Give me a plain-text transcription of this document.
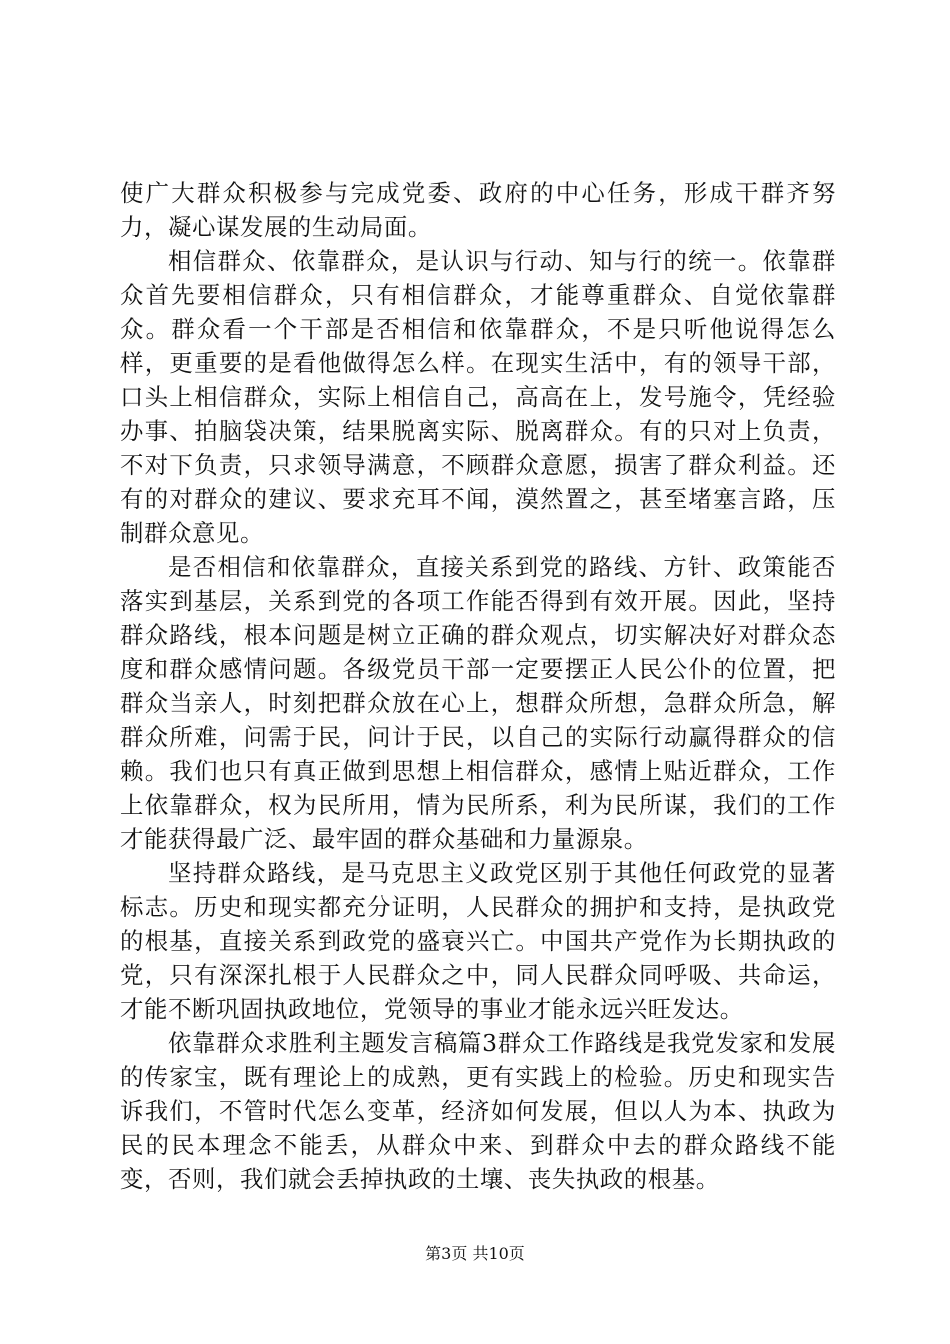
使广大群众积极参与完成党委、政府的中心任务，形成干群齐努力，凝心谋发展的生动局面。

相信群众、依靠群众，是认识与行动、知与行的统一。依靠群众首先要相信群众，只有相信群众，才能尊重群众、自觉依靠群众。群众看一个干部是否相信和依靠群众，不是只听他说得怎么样，更重要的是看他做得怎么样。在现实生活中，有的领导干部，口头上相信群众，实际上相信自己，高高在上，发号施令，凭经验办事、拍脑袋决策，结果脱离实际、脱离群众。有的只对上负责，不对下负责，只求领导满意，不顾群众意愿，损害了群众利益。还有的对群众的建议、要求充耳不闻，漠然置之，甚至堵塞言路，压制群众意见。

是否相信和依靠群众，直接关系到党的路线、方针、政策能否落实到基层，关系到党的各项工作能否得到有效开展。因此，坚持群众路线，根本问题是树立正确的群众观点，切实解决好对群众态度和群众感情问题。各级党员干部一定要摆正人民公仆的位置，把群众当亲人，时刻把群众放在心上，想群众所想，急群众所急，解群众所难，问需于民，问计于民，以自己的实际行动赢得群众的信赖。我们也只有真正做到思想上相信群众，感情上贴近群众，工作上依靠群众，权为民所用，情为民所系，利为民所谋，我们的工作才能获得最广泛、最牢固的群众基础和力量源泉。

坚持群众路线，是马克思主义政党区别于其他任何政党的显著标志。历史和现实都充分证明，人民群众的拥护和支持，是执政党的根基，直接关系到政党的盛衰兴亡。中国共产党作为长期执政的党，只有深深扎根于人民群众之中，同人民群众同呼吸、共命运，才能不断巩固执政地位，党领导的事业才能永远兴旺发达。

依靠群众求胜利主题发言稿篇3群众工作路线是我党发家和发展的传家宝，既有理论上的成熟，更有实践上的检验。历史和现实告诉我们，不管时代怎么变革，经济如何发展，但以人为本、执政为民的民本理念不能丢，从群众中来、到群众中去的群众路线不能变，否则，我们就会丢掉执政的土壤、丧失执政的根基。

第3页 共10页
